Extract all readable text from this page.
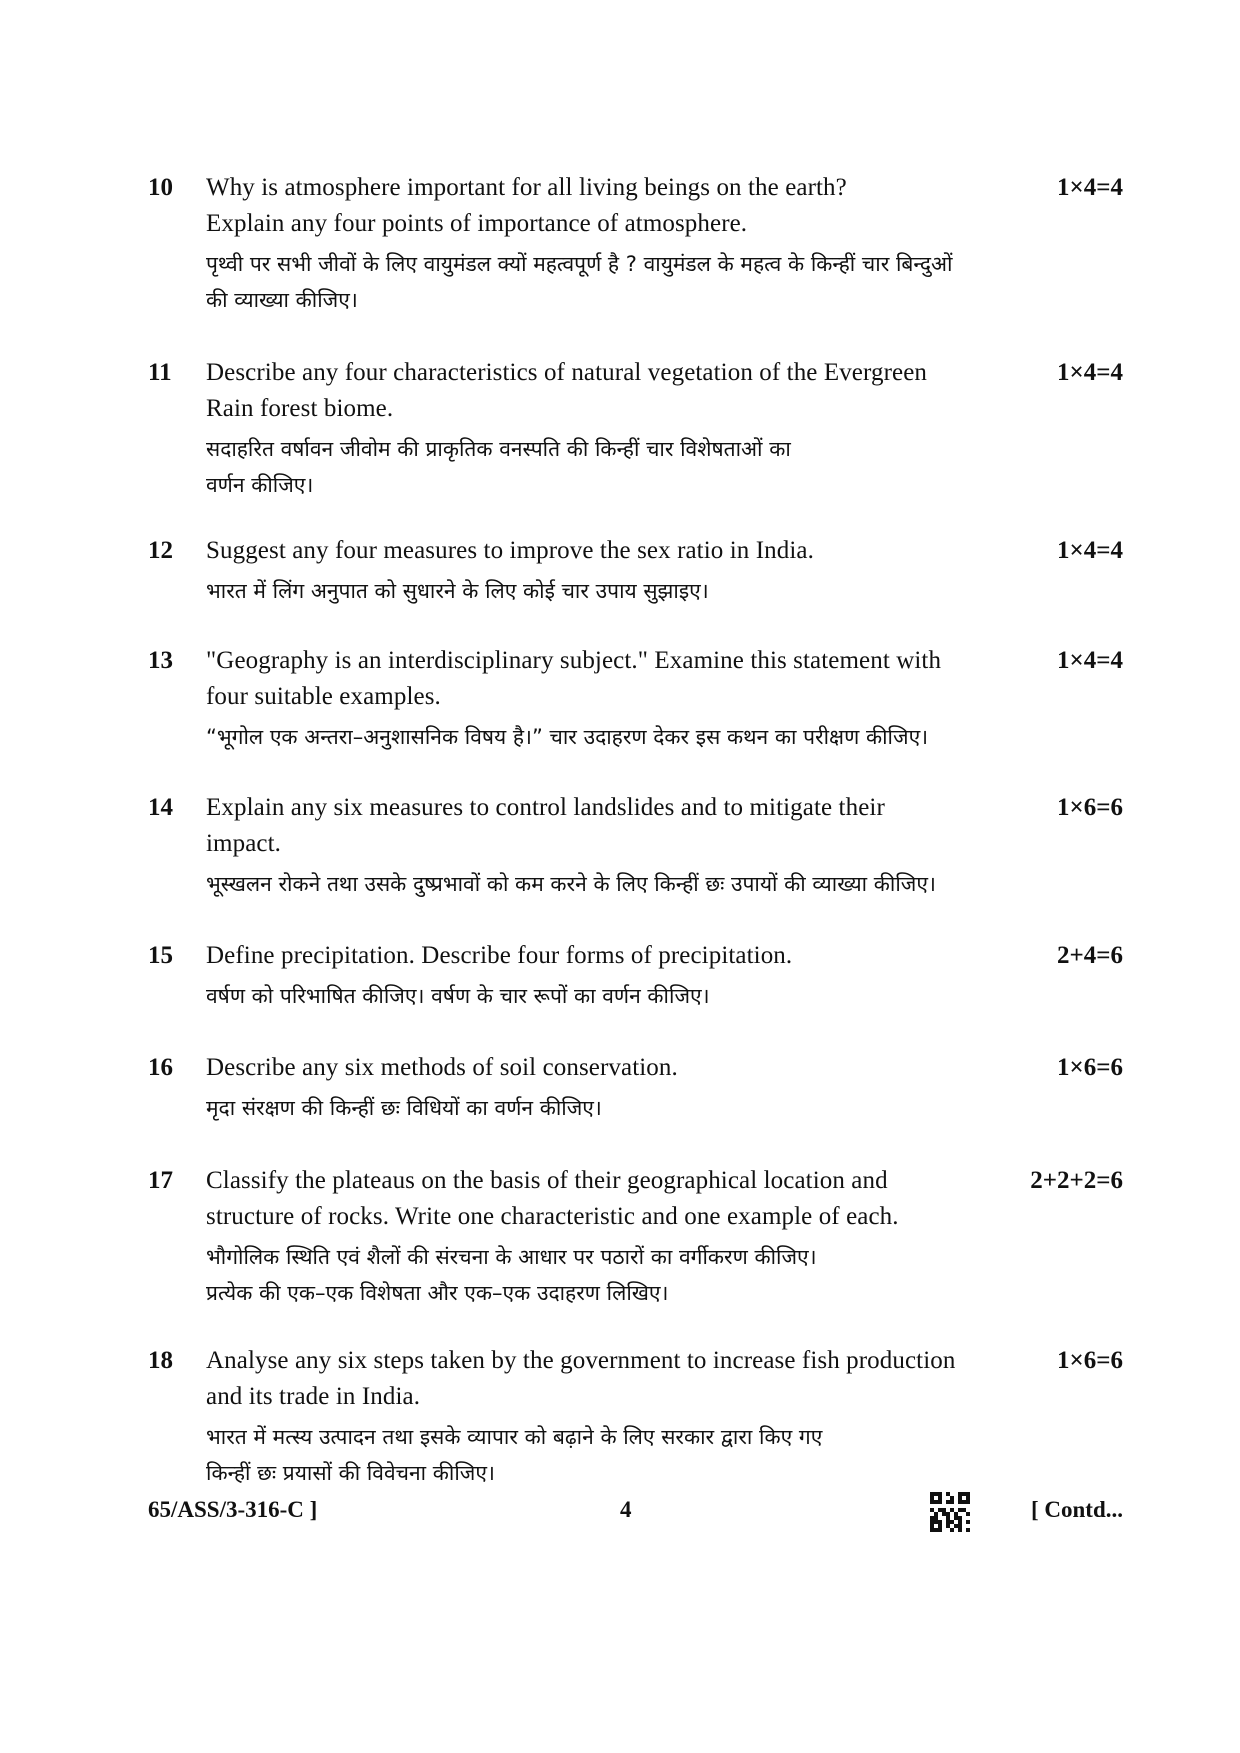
10	Why is atmosphere important for all living beings on the earth?
Explain any four points of importance of atmosphere.
पृथ्वी पर सभी जीवों के लिए वायुमंडल क्यों महत्वपूर्ण है ? वायुमंडल के महत्व के किन्हीं चार बिन्दुओं
की व्याख्या कीजिए।
1×4=4
11	Describe any four characteristics of natural vegetation of the Evergreen
Rain forest biome.
सदाहरित वर्षावन जीवोम की प्राकृतिक वनस्पति की किन्हीं चार विशेषताओं का
वर्णन कीजिए।
1×4=4
12	Suggest any four measures to improve the sex ratio in India.
भारत में लिंग अनुपात को सुधारने के लिए कोई चार उपाय सुझाइए।
1×4=4
13	"Geography is an interdisciplinary subject." Examine this statement with
four suitable examples.
“भूगोल एक अन्तरा–अनुशासनिक विषय है।” चार उदाहरण देकर इस कथन का परीक्षण कीजिए।
1×4=4
14	Explain any six measures to control landslides and to mitigate their
impact.
भूस्खलन रोकने तथा उसके दुष्प्रभावों को कम करने के लिए किन्हीं छः उपायों की व्याख्या कीजिए।
1×6=6
15	Define precipitation. Describe four forms of precipitation.
वर्षण को परिभाषित कीजिए। वर्षण के चार रूपों का वर्णन कीजिए।
2+4=6
16	Describe any six methods of soil conservation.
मृदा संरक्षण की किन्हीं छः विधियों का वर्णन कीजिए।
1×6=6
17	Classify the plateaus on the basis of their geographical location and
structure of rocks. Write one characteristic and one example of each.
भौगोलिक स्थिति एवं शैलों की संरचना के आधार पर पठारों का वर्गीकरण कीजिए।
प्रत्येक की एक–एक विशेषता और एक–एक उदाहरण लिखिए।
2+2+2=6
18	Analyse any six steps taken by the government to increase fish production
and its trade in India.
भारत में मत्स्य उत्पादन तथा इसके व्यापार को बढ़ाने के लिए सरकार द्वारा किए गए
किन्हीं छः प्रयासों की विवेचना कीजिए।
1×6=6
65/ASS/3-316-C ]	4	[ Contd...
